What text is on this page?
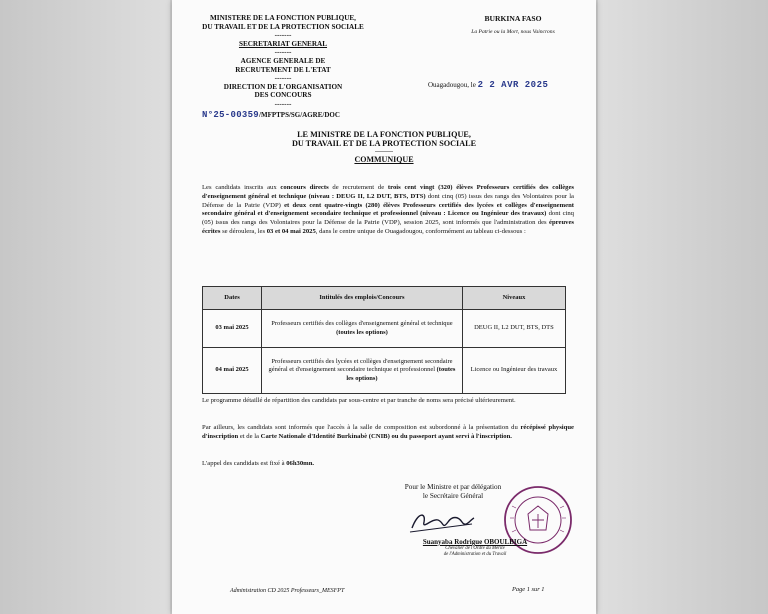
MINISTERE DE LA FONCTION PUBLIQUE,
DU TRAVAIL ET DE LA PROTECTION SOCIALE
-------
SECRETARIAT GENERAL
-------
AGENCE GENERALE DE
RECRUTEMENT DE L'ETAT
-------
DIRECTION DE L'ORGANISATION
DES CONCOURS
-------
BURKINA FASO
La Patrie ou la Mort, nous Vaincrons
Ouagadougou, le 2 2 AVR 2025
N°25-00359/MFPTPS/SG/AGRE/DOC
LE MINISTRE DE LA FONCTION PUBLIQUE,
DU TRAVAIL ET DE LA PROTECTION SOCIALE
---------
COMMUNIQUE
Les candidats inscrits aux concours directs de recrutement de trois cent vingt (320) élèves Professeurs certifiés des collèges d'enseignement général et technique (niveau : DEUG II, L2 DUT, BTS, DTS) dont cinq (05) issus des rangs des Volontaires pour la Défense de la Patrie (VDP) et deux cent quatre-vingts (280) élèves Professeurs certifiés des lycées et collèges d'enseignement secondaire général et d'enseignement secondaire technique et professionnel (niveau : Licence ou Ingénieur des travaux) dont cinq (05) issus des rangs des Volontaires pour la Défense de la Patrie (VDP), session 2025, sont informés que l'administration des épreuves écrites se déroulera, les 03 et 04 mai 2025, dans le centre unique de Ouagadougou, conformément au tableau ci-dessous :
Dates	Intitulés des emplois/Concours	Niveaux
03 mai 2025	Professeurs certifiés des collèges d'enseignement général et technique (toutes les options)	DEUG II, L2 DUT, BTS, DTS
04 mai 2025	Professeurs certifiés des lycées et collèges d'enseignement secondaire général et d'enseignement secondaire technique et professionnel (toutes les options)	Licence ou Ingénieur des travaux
Le programme détaillé de répartition des candidats par sous-centre et par tranche de noms sera précisé ultérieurement.
Par ailleurs, les candidats sont informés que l'accès à la salle de composition est subordonné à la présentation du récépissé physique d'inscription et de la Carte Nationale d'Identité Burkinabè (CNIB) ou du passeport ayant servi à l'inscription.
L'appel des candidats est fixé à 06h30mn.
Pour le Ministre et par délégation
le Secrétaire Général
Suanyaba Rodrigue OBOULBIGA
Chevalier de l'Ordre du Mérite
de l'Administration et du Travail
Administration CD 2025 Professeurs_MESFPT	Page 1 sur 1
